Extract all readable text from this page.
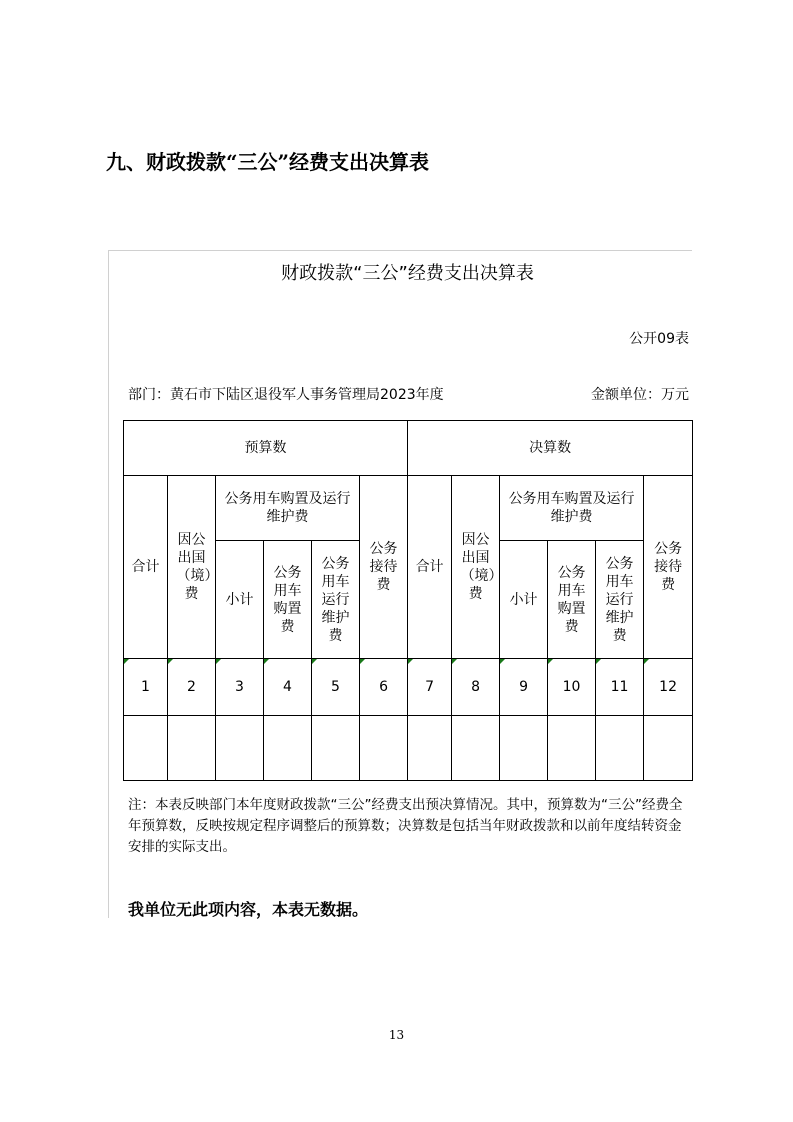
九、财政拨款“三公”经费支出决算表
财政拨款“三公”经费支出决算表
公开09表
部门：黄石市下陆区退役军人事务管理局2023年度	金额单位：万元
预算数						决算数					
合计	因公出国（境）费	公务用车购置及运行维护费			公务接待费	合计	因公出国（境）费	公务用车购置及运行维护费			公务接待费
		小计	公务用车购置费	公务用车运行维护费				小计	公务用车购置费	公务用车运行维护费	

1	2	3	4	5	6	7	8	9	10	11	12

注：本表反映部门本年度财政拨款“三公”经费支出预决算情况。其中，预算数为“三公”经费全年预算数，反映按规定程序调整后的预算数；决算数是包括当年财政拨款和以前年度结转资金安排的实际支出。
我单位无此项内容，本表无数据。
13
